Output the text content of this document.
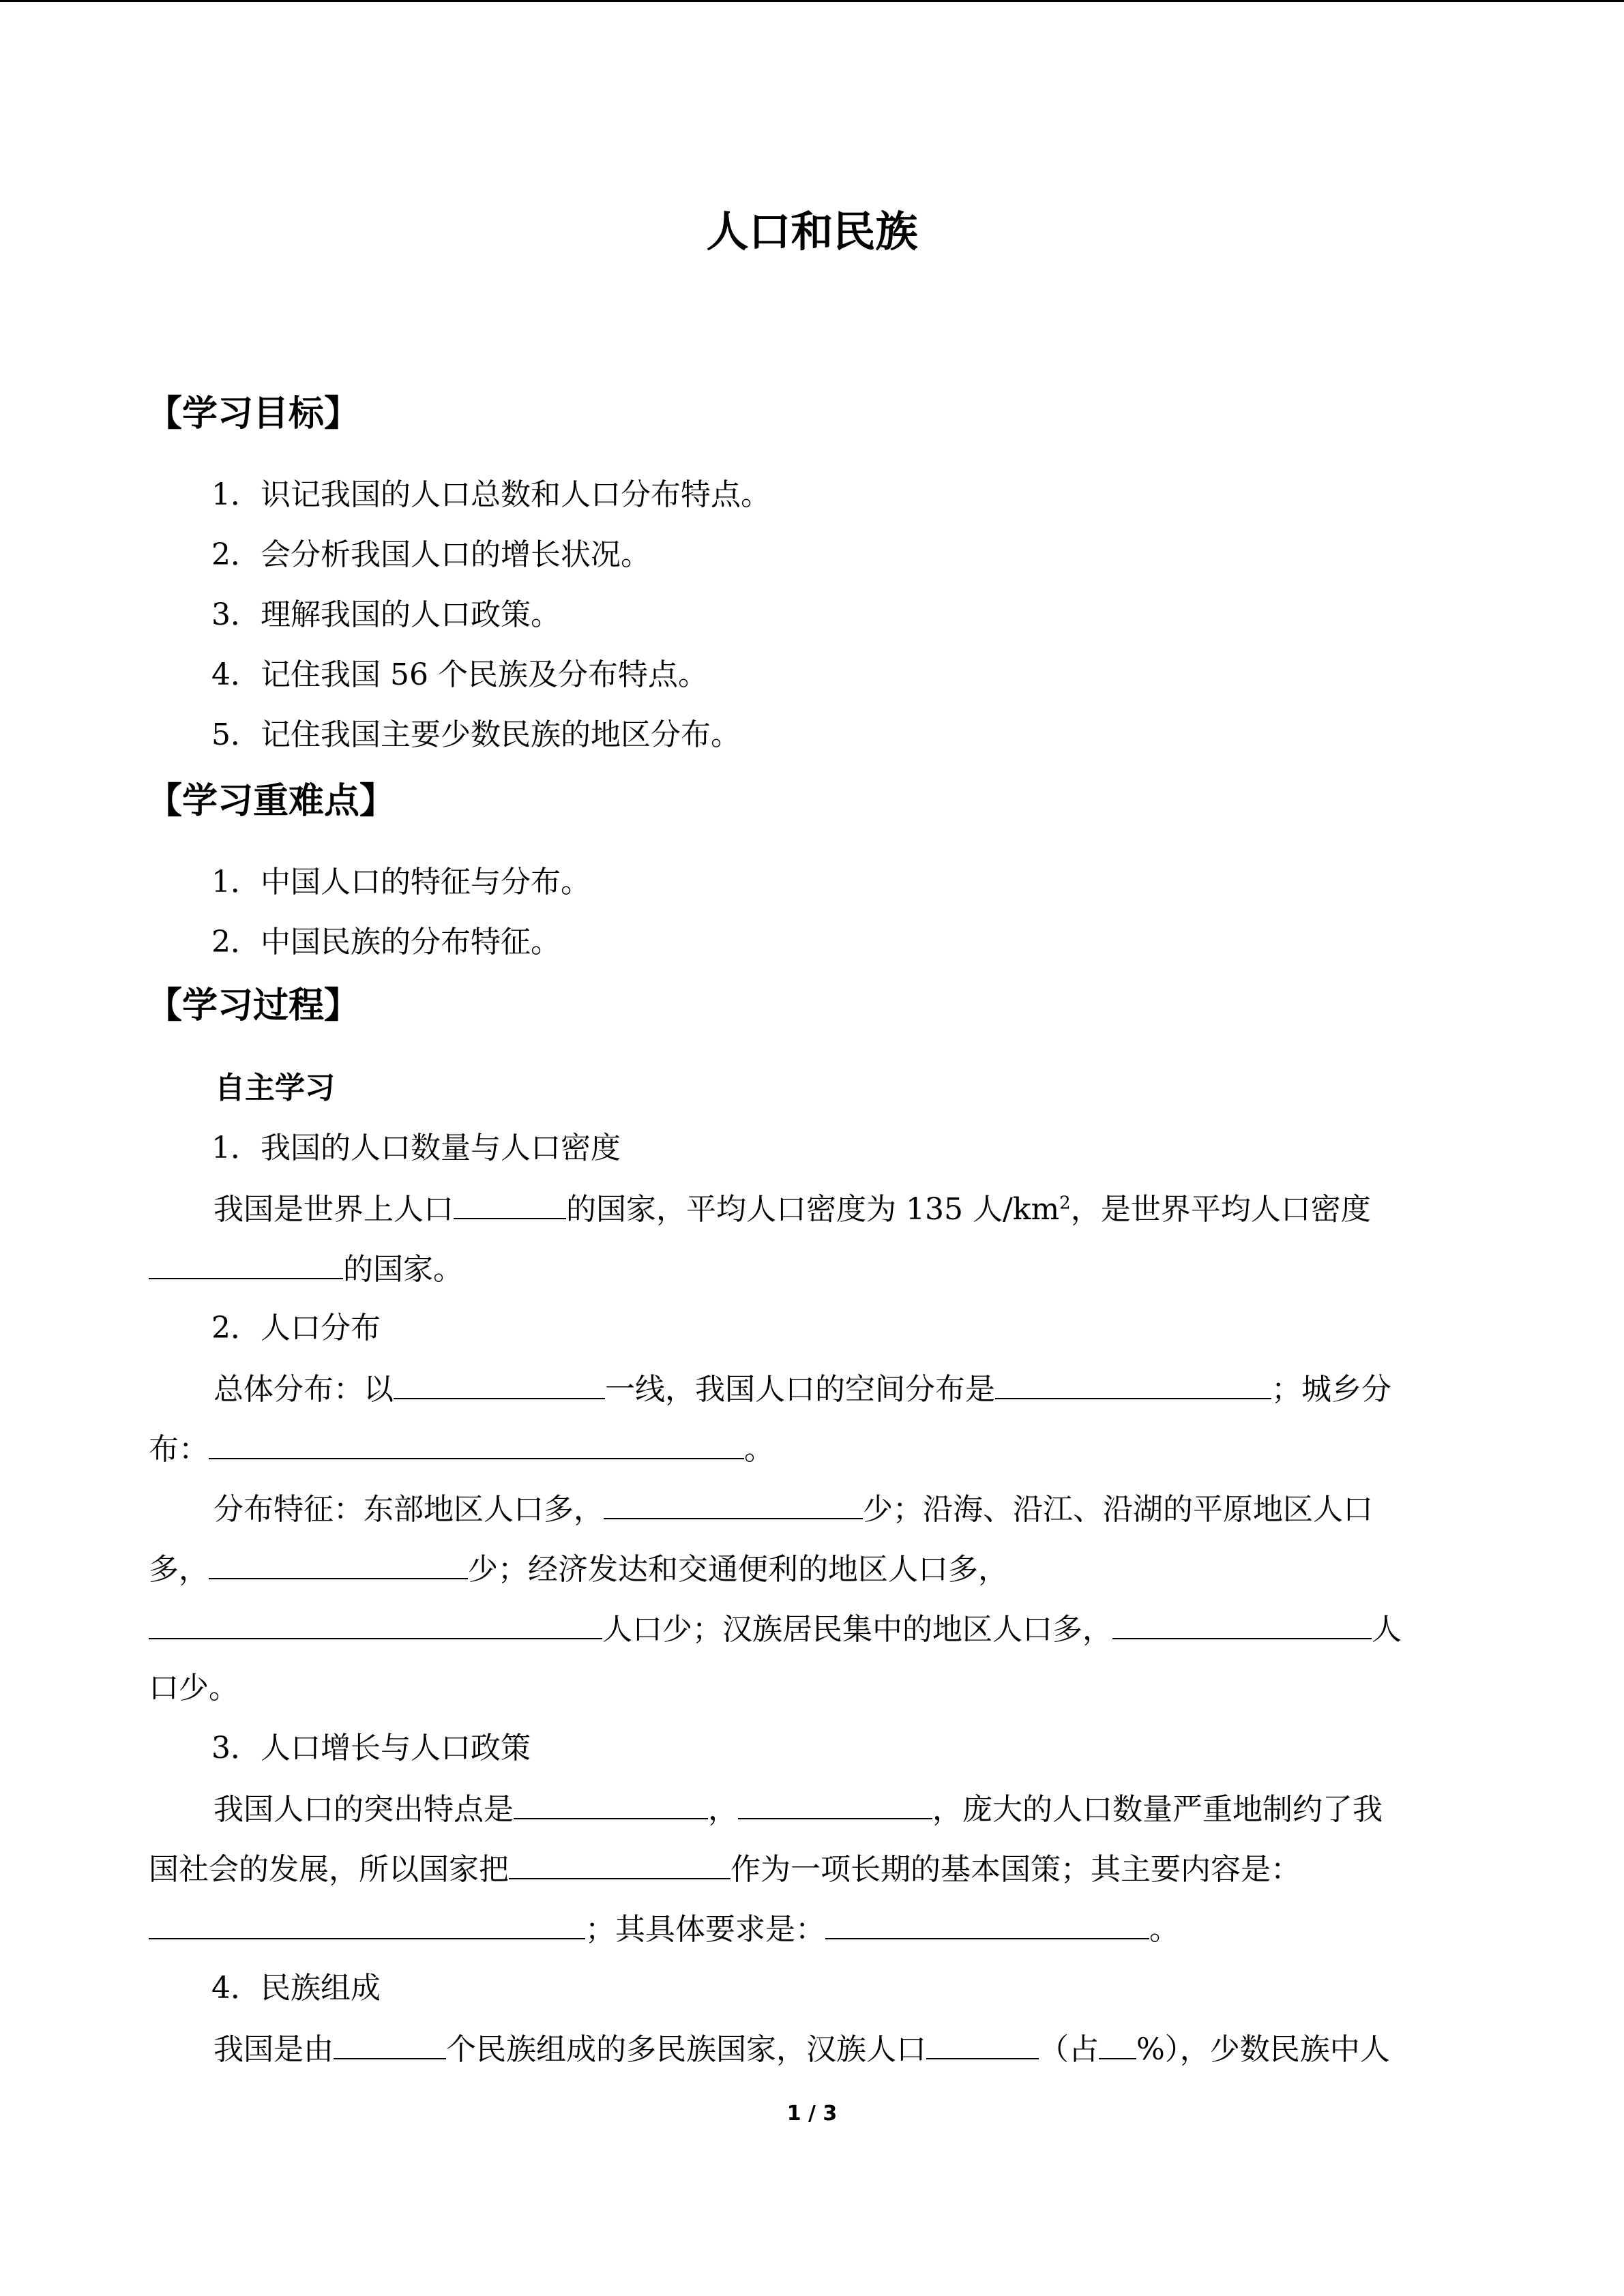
人口和民族
【学习目标】
1．识记我国的人口总数和人口分布特点。
2．会分析我国人口的增长状况。
3．理解我国的人口政策。
4．记住我国 56 个民族及分布特点。
5．记住我国主要少数民族的地区分布。
【学习重难点】
1．中国人口的特征与分布。
2．中国民族的分布特征。
【学习过程】
自主学习
1．我国的人口数量与人口密度
我国是世界上人口	的国家，平均人口密度为 135 人$/km^2$，是世界平均人口密度
的国家。
2．人口分布
总体分布：以	一线，我国人口的空间分布是	；城乡分
布：	。
分布特征：东部地区人口多，	少；沿海、沿江、沿湖的平原地区人口
多，	少；经济发达和交通便利的地区人口多，
人口少；汉族居民集中的地区人口多，	人
口少。
3．人口增长与人口政策
我国人口的突出特点是	，	，庞大的人口数量严重地制约了我
国社会的发展，所以国家把	作为一项长期的基本国策；其主要内容是：
；其具体要求是：	。
4．民族组成
我国是由	个民族组成的多民族国家，汉族人口	（占 %），少数民族中人
1 / 3
